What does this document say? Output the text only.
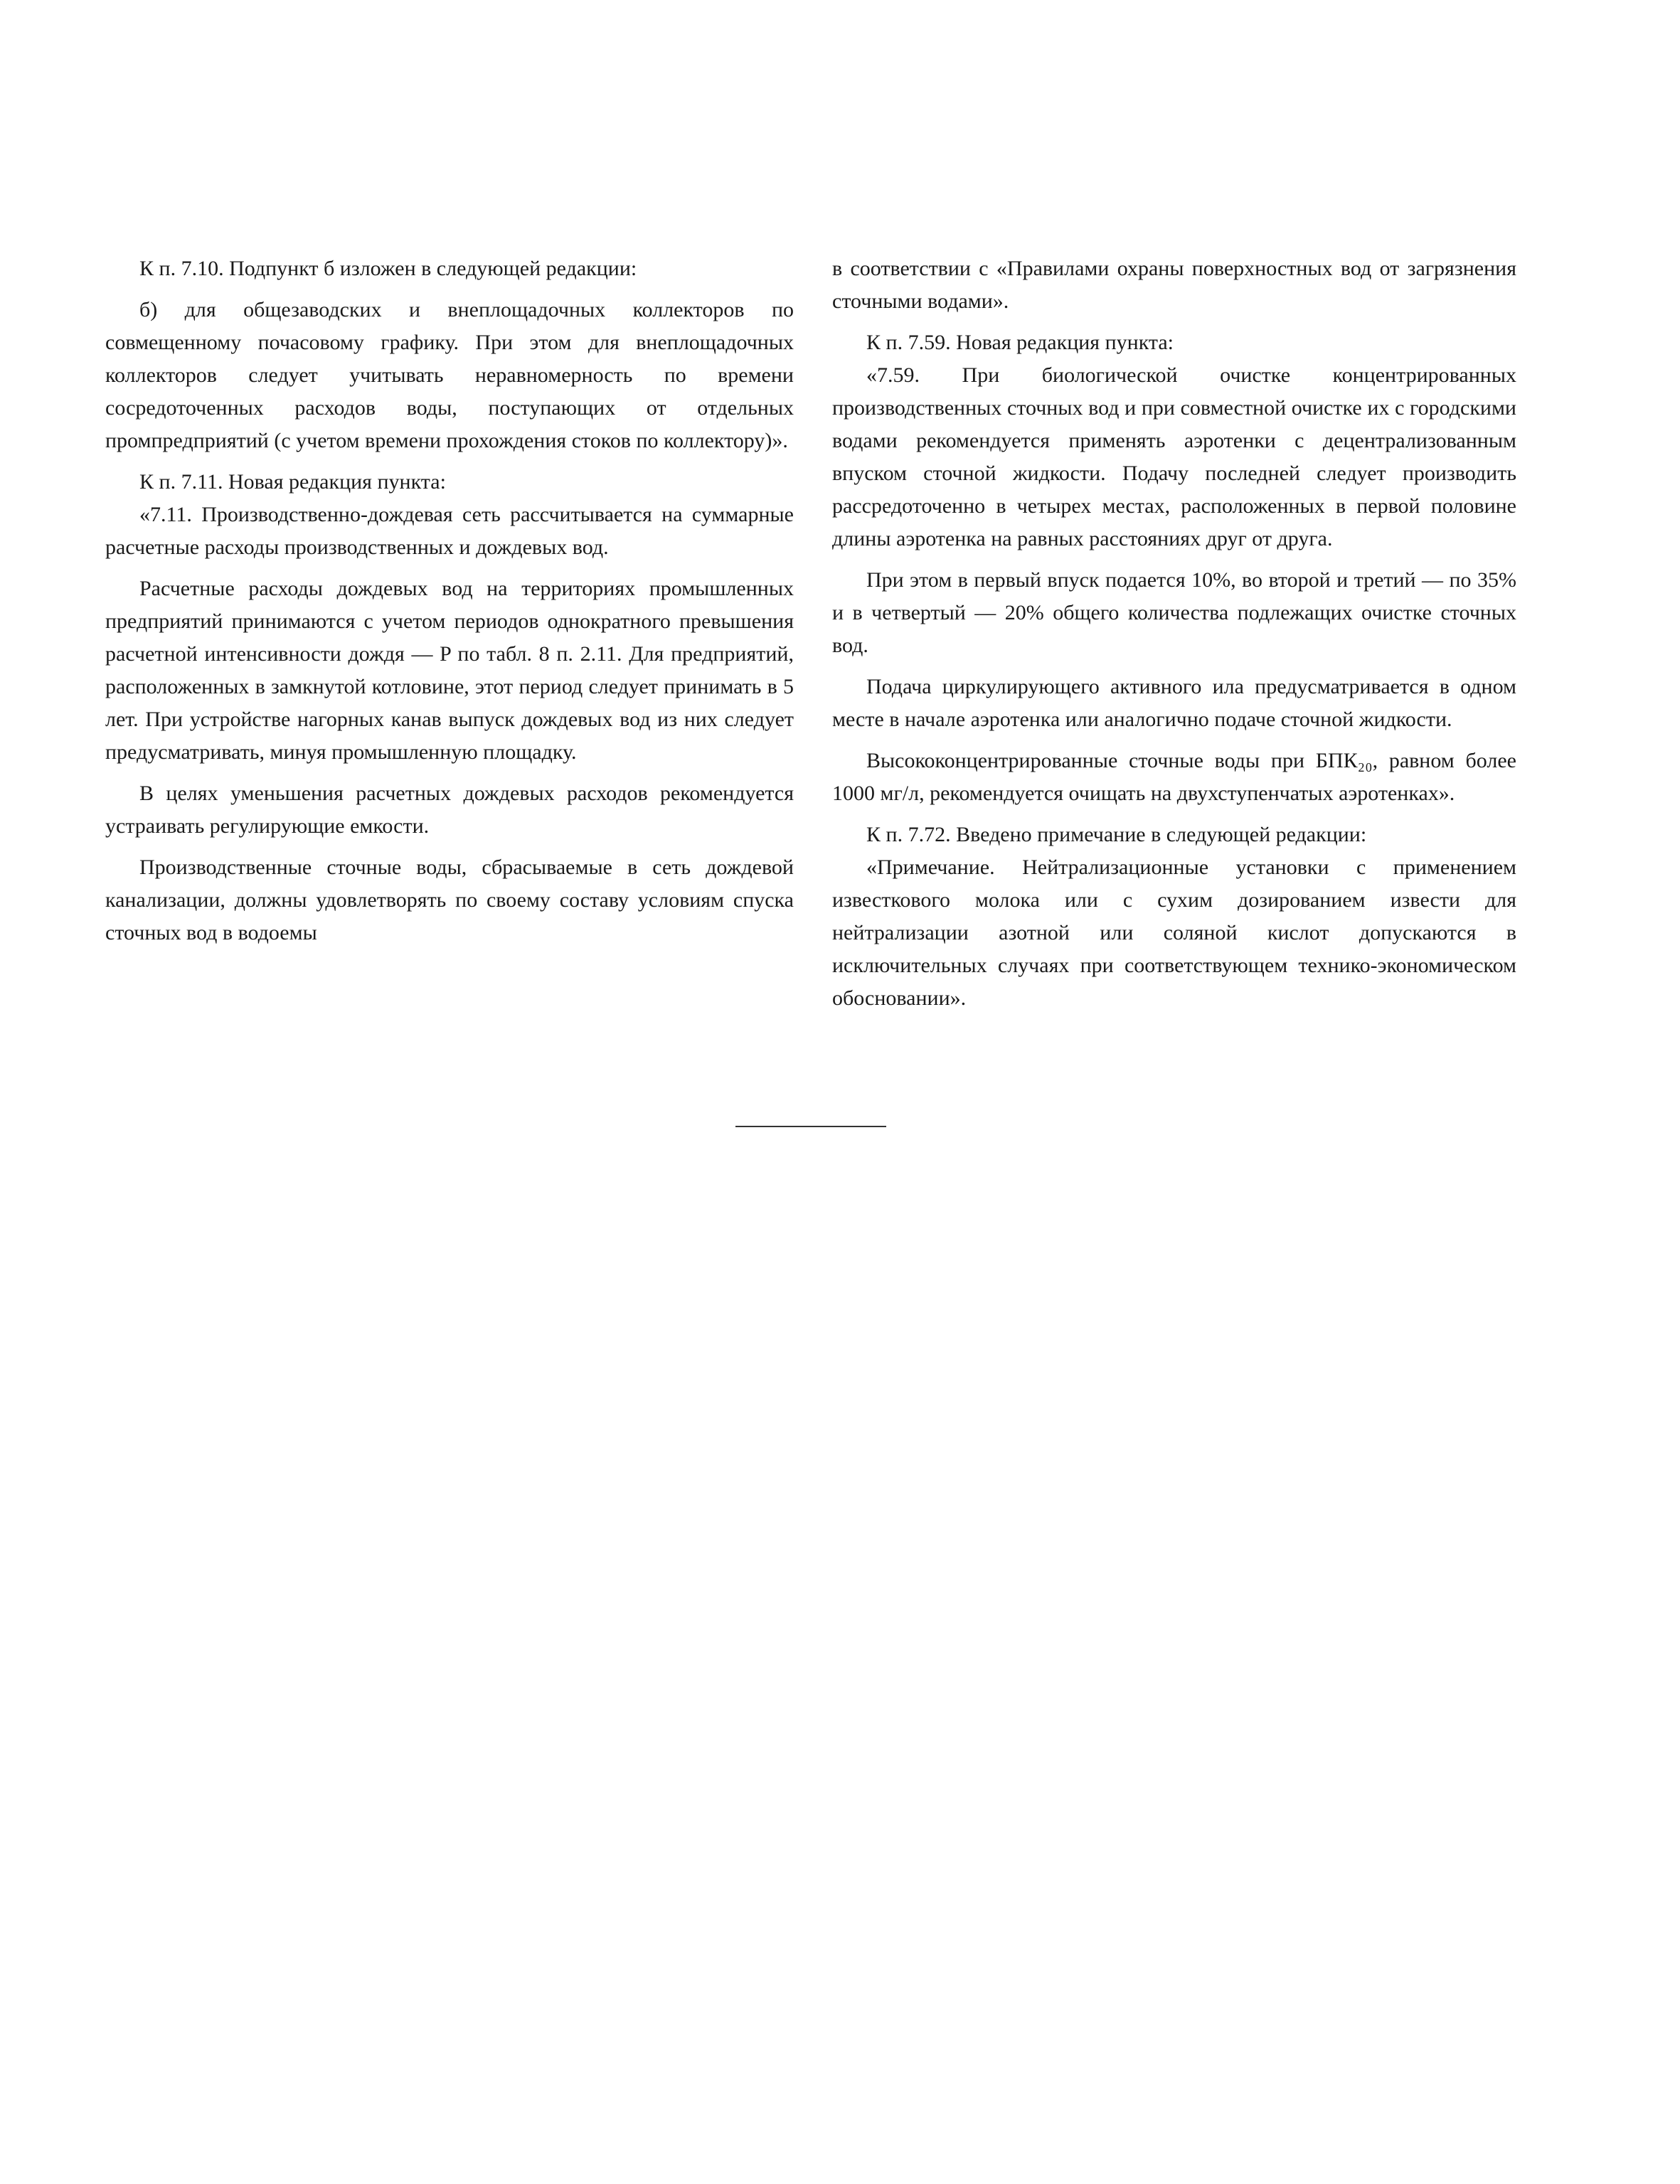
К п. 7.10. Подпункт б изложен в следующей редакции:

б) для общезаводских и внеплощадочных коллекторов по совмещенному почасовому графику. При этом для внеплощадочных коллекторов следует учитывать неравномерность по времени сосредоточенных расходов воды, поступающих от отдельных промпредприятий (с учетом времени прохождения стоков по коллектору)».

К п. 7.11. Новая редакция пункта:

«7.11. Производственно-дождевая сеть рассчитывается на суммарные расчетные расходы производственных и дождевых вод.

Расчетные расходы дождевых вод на территориях промышленных предприятий принимаются с учетом периодов однократного превышения расчетной интенсивности дождя — P по табл. 8 п. 2.11. Для предприятий, расположенных в замкнутой котловине, этот период следует принимать в 5 лет. При устройстве нагорных канав выпуск дождевых вод из них следует предусматривать, минуя промышленную площадку.

В целях уменьшения расчетных дождевых расходов рекомендуется устраивать регулирующие емкости.

Производственные сточные воды, сбрасываемые в сеть дождевой канализации, должны удовлетворять по своему составу условиям спуска сточных вод в водоемы

в соответствии с «Правилами охраны поверхностных вод от загрязнения сточными водами».

К п. 7.59. Новая редакция пункта:

«7.59. При биологической очистке концентрированных производственных сточных вод и при совместной очистке их с городскими водами рекомендуется применять аэротенки с децентрализованным впуском сточной жидкости. Подачу последней следует производить рассредоточенно в четырех местах, расположенных в первой половине длины аэротенка на равных расстояниях друг от друга.

При этом в первый впуск подается 10%, во второй и третий — по 35% и в четвертый — 20% общего количества подлежащих очистке сточных вод.

Подача циркулирующего активного ила предусматривается в одном месте в начале аэротенка или аналогично подаче сточной жидкости.

Высококонцентрированные сточные воды при БПК₂₀, равном более 1000 мг/л, рекомендуется очищать на двухступенчатых аэротенках».

К п. 7.72. Введено примечание в следующей редакции:

«Примечание. Нейтрализационные установки с применением известкового молока или с сухим дозированием извести для нейтрализации азотной или соляной кислот допускаются в исключительных случаях при соответствующем технико-экономическом обосновании».
